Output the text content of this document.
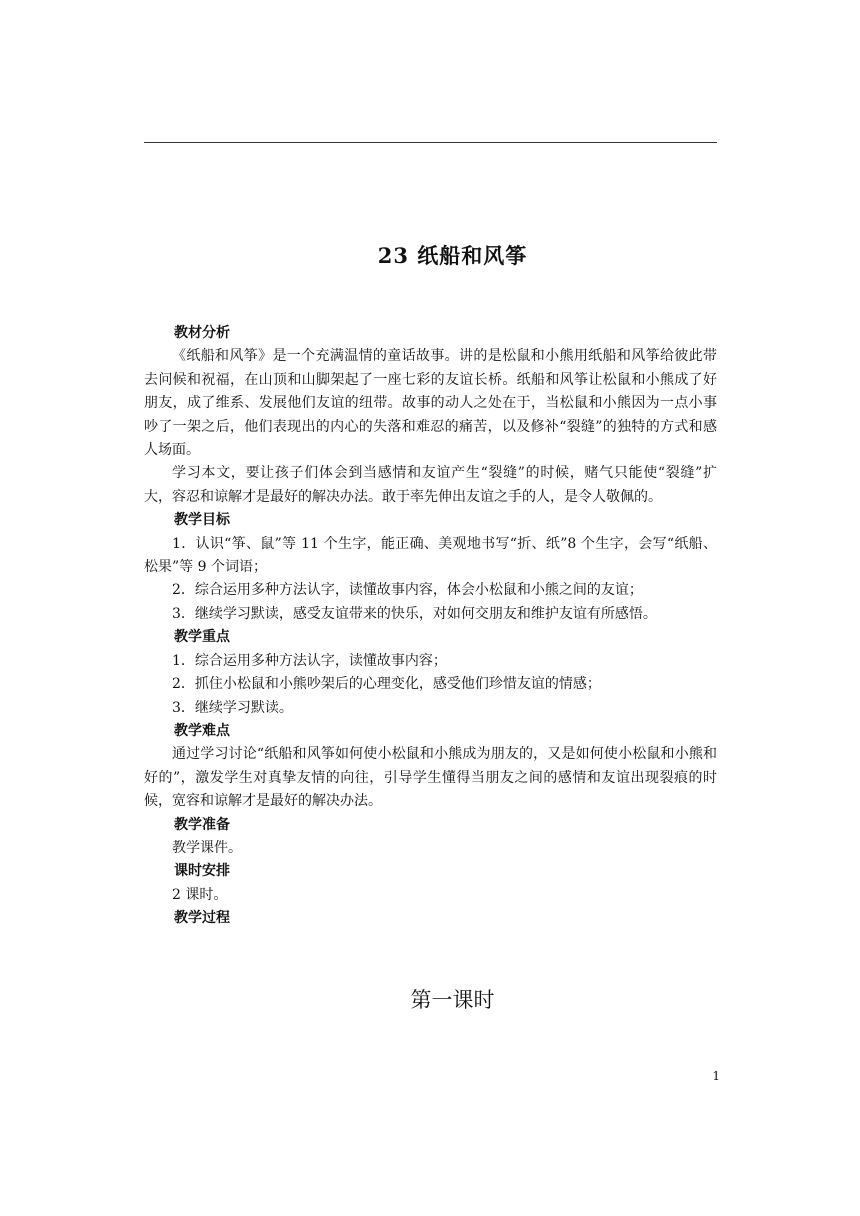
23 纸船和风筝

教材分析

《纸船和风筝》是一个充满温情的童话故事。讲的是松鼠和小熊用纸船和风筝给彼此带去问候和祝福，在山顶和山脚架起了一座七彩的友谊长桥。纸船和风筝让松鼠和小熊成了好朋友，成了维系、发展他们友谊的纽带。故事的动人之处在于，当松鼠和小熊因为一点小事吵了一架之后，他们表现出的内心的失落和难忍的痛苦，以及修补“裂缝”的独特的方式和感人场面。

学习本文，要让孩子们体会到当感情和友谊产生“裂缝”的时候，赌气只能使“裂缝”扩大，容忍和谅解才是最好的解决办法。敢于率先伸出友谊之手的人，是令人敬佩的。

教学目标

1．认识“筝、鼠”等 11 个生字，能正确、美观地书写“折、纸”8 个生字，会写“纸船、松果”等 9 个词语；

2．综合运用多种方法认字，读懂故事内容，体会小松鼠和小熊之间的友谊；

3．继续学习默读，感受友谊带来的快乐，对如何交朋友和维护友谊有所感悟。

教学重点

1．综合运用多种方法认字，读懂故事内容；

2．抓住小松鼠和小熊吵架后的心理变化，感受他们珍惜友谊的情感；

3．继续学习默读。

教学难点

通过学习讨论“纸船和风筝如何使小松鼠和小熊成为朋友的，又是如何使小松鼠和小熊和好的”，激发学生对真挚友情的向往，引导学生懂得当朋友之间的感情和友谊出现裂痕的时候，宽容和谅解才是最好的解决办法。

教学准备

教学课件。

课时安排

2 课时。

教学过程

第一课时
1
